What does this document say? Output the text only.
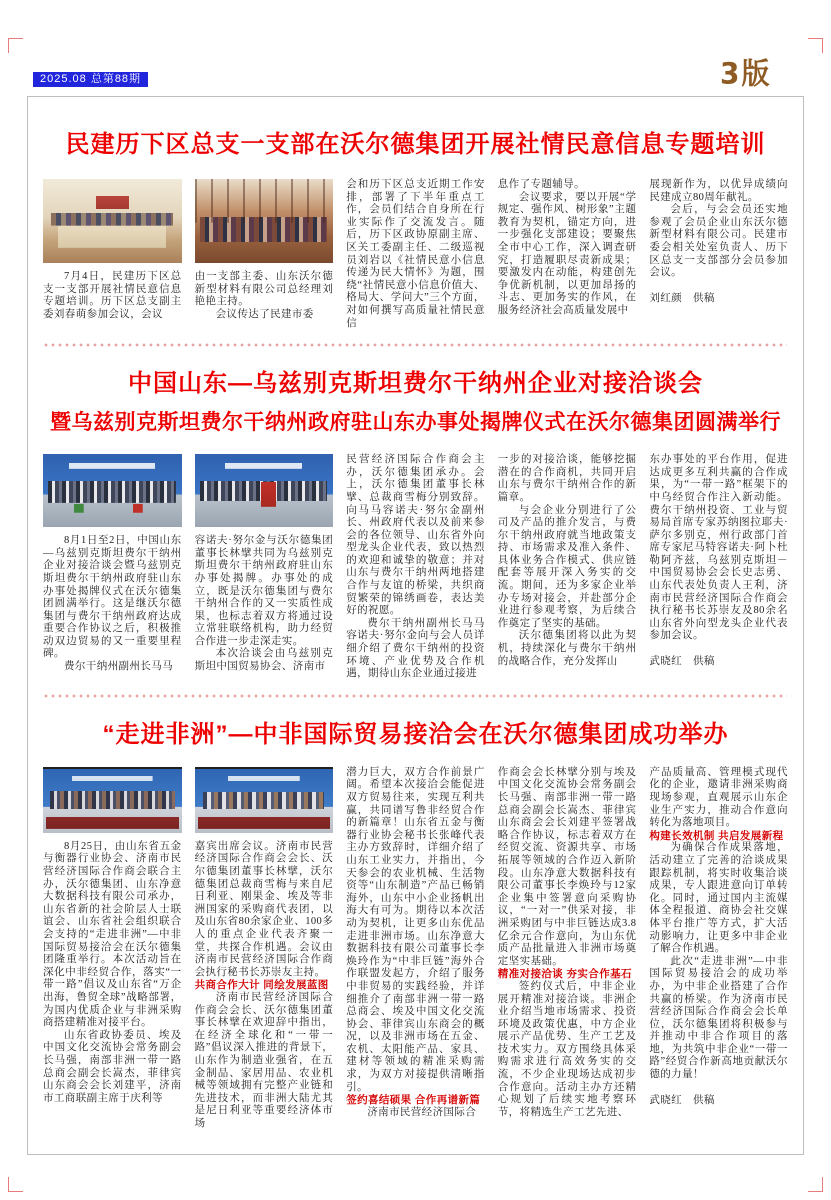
2025.08 总第88期	3版
民建历下区总支一支部在沃尔德集团开展社情民意信息专题培训

7月4日，民建历下区总支一支部开展社情民意信息专题培训。历下区总支副主委刘春萌参加会议，会议

由一支部主委、山东沃尔德新型材料有限公司总经理刘艳艳主持。

会议传达了民建市委

会和历下区总支近期工作安排，部署了下半年重点工作，会员们结合自身所在行业实际作了交流发言。随后，历下区政协原副主席、区关工委副主任、二级巡视员刘岩以《社情民意小信息 传递为民大情怀》为题，围绕“社情民意小信息价值大、格局大、学问大”三个方面，对如何撰写高质量社情民意信

息作了专题辅导。

会议要求，要以开展“学规定、强作风、树形象”主题教育为契机，锚定方向，进一步强化支部建设；要聚焦全市中心工作，深入调查研究，打造履职尽责新成果；要激发内在动能，构建创先争优新机制，以更加昂扬的斗志、更加务实的作风，在服务经济社会高质量发展中

展现新作为，以优异成绩向民建成立80周年献礼。

会后，与会会员还实地参观了会员企业山东沃尔德新型材料有限公司。民建市委会相关处室负责人、历下区总支一支部部分会员参加会议。

刘红颜　供稿

中国山东—乌兹别克斯坦费尔干纳州企业对接洽谈会
暨乌兹别克斯坦费尔干纳州政府驻山东办事处揭牌仪式在沃尔德集团圆满举行

8月1日至2日，中国山东—乌兹别克斯坦费尔干纳州企业对接洽谈会暨乌兹别克斯坦费尔干纳州政府驻山东办事处揭牌仪式在沃尔德集团圆满举行。这是继沃尔德集团与费尔干纳州政府达成重要合作协议之后，积极推动双边贸易的又一重要里程碑。

费尔干纳州副州长马马

容诺夫·努尔金与沃尔德集团董事长林擘共同为乌兹别克斯坦费尔干纳州政府驻山东办事处揭牌。办事处的成立，既是沃尔德集团与费尔干纳州合作的又一实质性成果，也标志着双方将通过设立常驻联络机构，助力经贸合作进一步走深走实。

本次洽谈会由乌兹别克斯坦中国贸易协会、济南市

民营经济国际合作商会主办，沃尔德集团承办。会上，沃尔德集团董事长林擘、总裁商雪梅分别致辞。向马马容诺夫·努尔金副州长、州政府代表以及前来参会的各位领导、山东省外向型龙头企业代表，致以热烈的欢迎和诚挚的敬意；并对山东与费尔干纳州两地搭建合作与友谊的桥梁，共织商贸繁荣的锦绣画卷，表达美好的祝愿。

费尔干纳州副州长马马容诺夫·努尔金向与会人员详细介绍了费尔干纳州的投资环境、产业优势及合作机遇，期待山东企业通过接进

一步的对接洽谈，能够挖掘潜在的合作商机，共同开启山东与费尔干纳州合作的新篇章。

与会企业分别进行了公司及产品的推介发言，与费尔干纳州政府就当地政策支持、市场需求及准入条件、具体业务合作模式、供应链配套等展开深入务实的交流。期间，还为多家企业举办专场对接会，并赴部分企业进行参观考察，为后续合作奠定了坚实的基础。

沃尔德集团将以此为契机，持续深化与费尔干纳州的战略合作，充分发挥山

东办事处的平台作用，促进达成更多互利共赢的合作成果，为“一带一路”框架下的中乌经贸合作注入新动能。费尔干纳州投资、工业与贸易局首席专家苏纳图拉耶夫·萨尔多别克，州行政部门首席专家尼马特容诺夫·阿卜杜勒阿齐兹，乌兹别克斯坦－中国贸易协会会长史志勇、山东代表处负责人王利，济南市民营经济国际合作商会执行秘书长苏崇友及80余名山东省外向型龙头企业代表参加会议。

武晓红　供稿

“走进非洲”—中非国际贸易接洽会在沃尔德集团成功举办

8月25日，由山东省五金与衡器行业协会、济南市民营经济国际合作商会联合主办，沃尔德集团、山东净意大数据科技有限公司承办，山东省新的社会阶层人士联谊会、山东省社会组织联合会支持的“走进非洲”—中非国际贸易接洽会在沃尔德集团隆重举行。本次活动旨在深化中非经贸合作，落实“一带一路”倡议及山东省“万企出海，鲁贸全球”战略部署，为国内优质企业与非洲采购商搭建精准对接平台。

山东省政协委员、埃及中国文化交流协会常务副会长马强，南部非洲一带一路总商会副会长嵩杰，菲律宾山东商会会长刘建平，济南市工商联副主席于庆利等

嘉宾出席会议。济南市民营经济国际合作商会会长、沃尔德集团董事长林擘，沃尔德集团总裁商雪梅与来自尼日利亚、刚果金、埃及等非洲国家的采购商代表团，以及山东省80余家企业、100多人的重点企业代表齐聚一堂，共探合作机遇。会议由济南市民营经济国际合作商会执行秘书长苏崇友主持。

共商合作大计 同绘发展蓝图

济南市民营经济国际合作商会会长、沃尔德集团董事长林擘在欢迎辞中指出，在经济全球化和“一带一路”倡议深入推进的背景下，山东作为制造业强省，在五金制品、家居用品、农业机械等领域拥有完整产业链和先进技术，而非洲大陆尤其是尼日利亚等重要经济体市场

潜力巨大，双方合作前景广阔。希望本次接洽会能促进双方贸易往来，实现互利共赢，共同谱写鲁非经贸合作的新篇章！山东省五金与衡器行业协会秘书长张峰代表主办方致辞时，详细介绍了山东工业实力，并指出，今天参会的农业机械、生活物资等“山东制造”产品已畅销海外，山东中小企业扬帆出海大有可为。期待以本次活动为契机，让更多山东优品走进非洲市场。山东净意大数据科技有限公司董事长李焕玲作为“中非巨链”海外合作联盟发起方，介绍了服务中非贸易的实践经验，并详细推介了南部非洲一带一路总商会、埃及中国文化交流协会、菲律宾山东商会的概况，以及非洲市场在五金、农机、太阳能产品、家具、建材等领域的精准采购需求，为双方对接提供清晰指引。

签约喜结硕果 合作再谱新篇

济南市民营经济国际合

作商会会长林擘分别与埃及中国文化交流协会常务副会长马强、南部非洲一带一路总商会副会长嵩杰、菲律宾山东商会会长刘建平签署战略合作协议，标志着双方在经贸交流、资源共享、市场拓展等领域的合作迈入新阶段。山东净意大数据科技有限公司董事长李焕玲与12家企业集中签署意向采购协议，“一对一”供采对接，非洲采购团与中非巨链达成3.8亿余元合作意向，为山东优质产品批量进入非洲市场奠定坚实基础。

精准对接洽谈 夯实合作基石

签约仪式后，中非企业展开精准对接洽谈。非洲企业介绍当地市场需求、投资环境及政策优惠，中方企业展示产品优势、生产工艺及技术实力。双方围绕具体采购需求进行高效务实的交流，不少企业现场达成初步合作意向。活动主办方还精心规划了后续实地考察环节，将精选生产工艺先进、

产品质量高、管理模式现代化的企业，邀请非洲采购商现场参观，直观展示山东企业生产实力，推动合作意向转化为落地项目。

构建长效机制 共启发展新程

为确保合作成果落地，活动建立了完善的洽谈成果跟踪机制，将实时收集洽谈成果，专人跟进意向订单转化。同时，通过国内主流媒体全程报道、商协会社交媒体平台推广等方式，扩大活动影响力，让更多中非企业了解合作机遇。

此次“走进非洲”—中非国际贸易接洽会的成功举办，为中非企业搭建了合作共赢的桥梁。作为济南市民营经济国际合作商会会长单位，沃尔德集团将积极参与并推动中非合作项目的落地，为共筑中非企业“一带一路”经贸合作新高地贡献沃尔德的力量！

武晓红　供稿
